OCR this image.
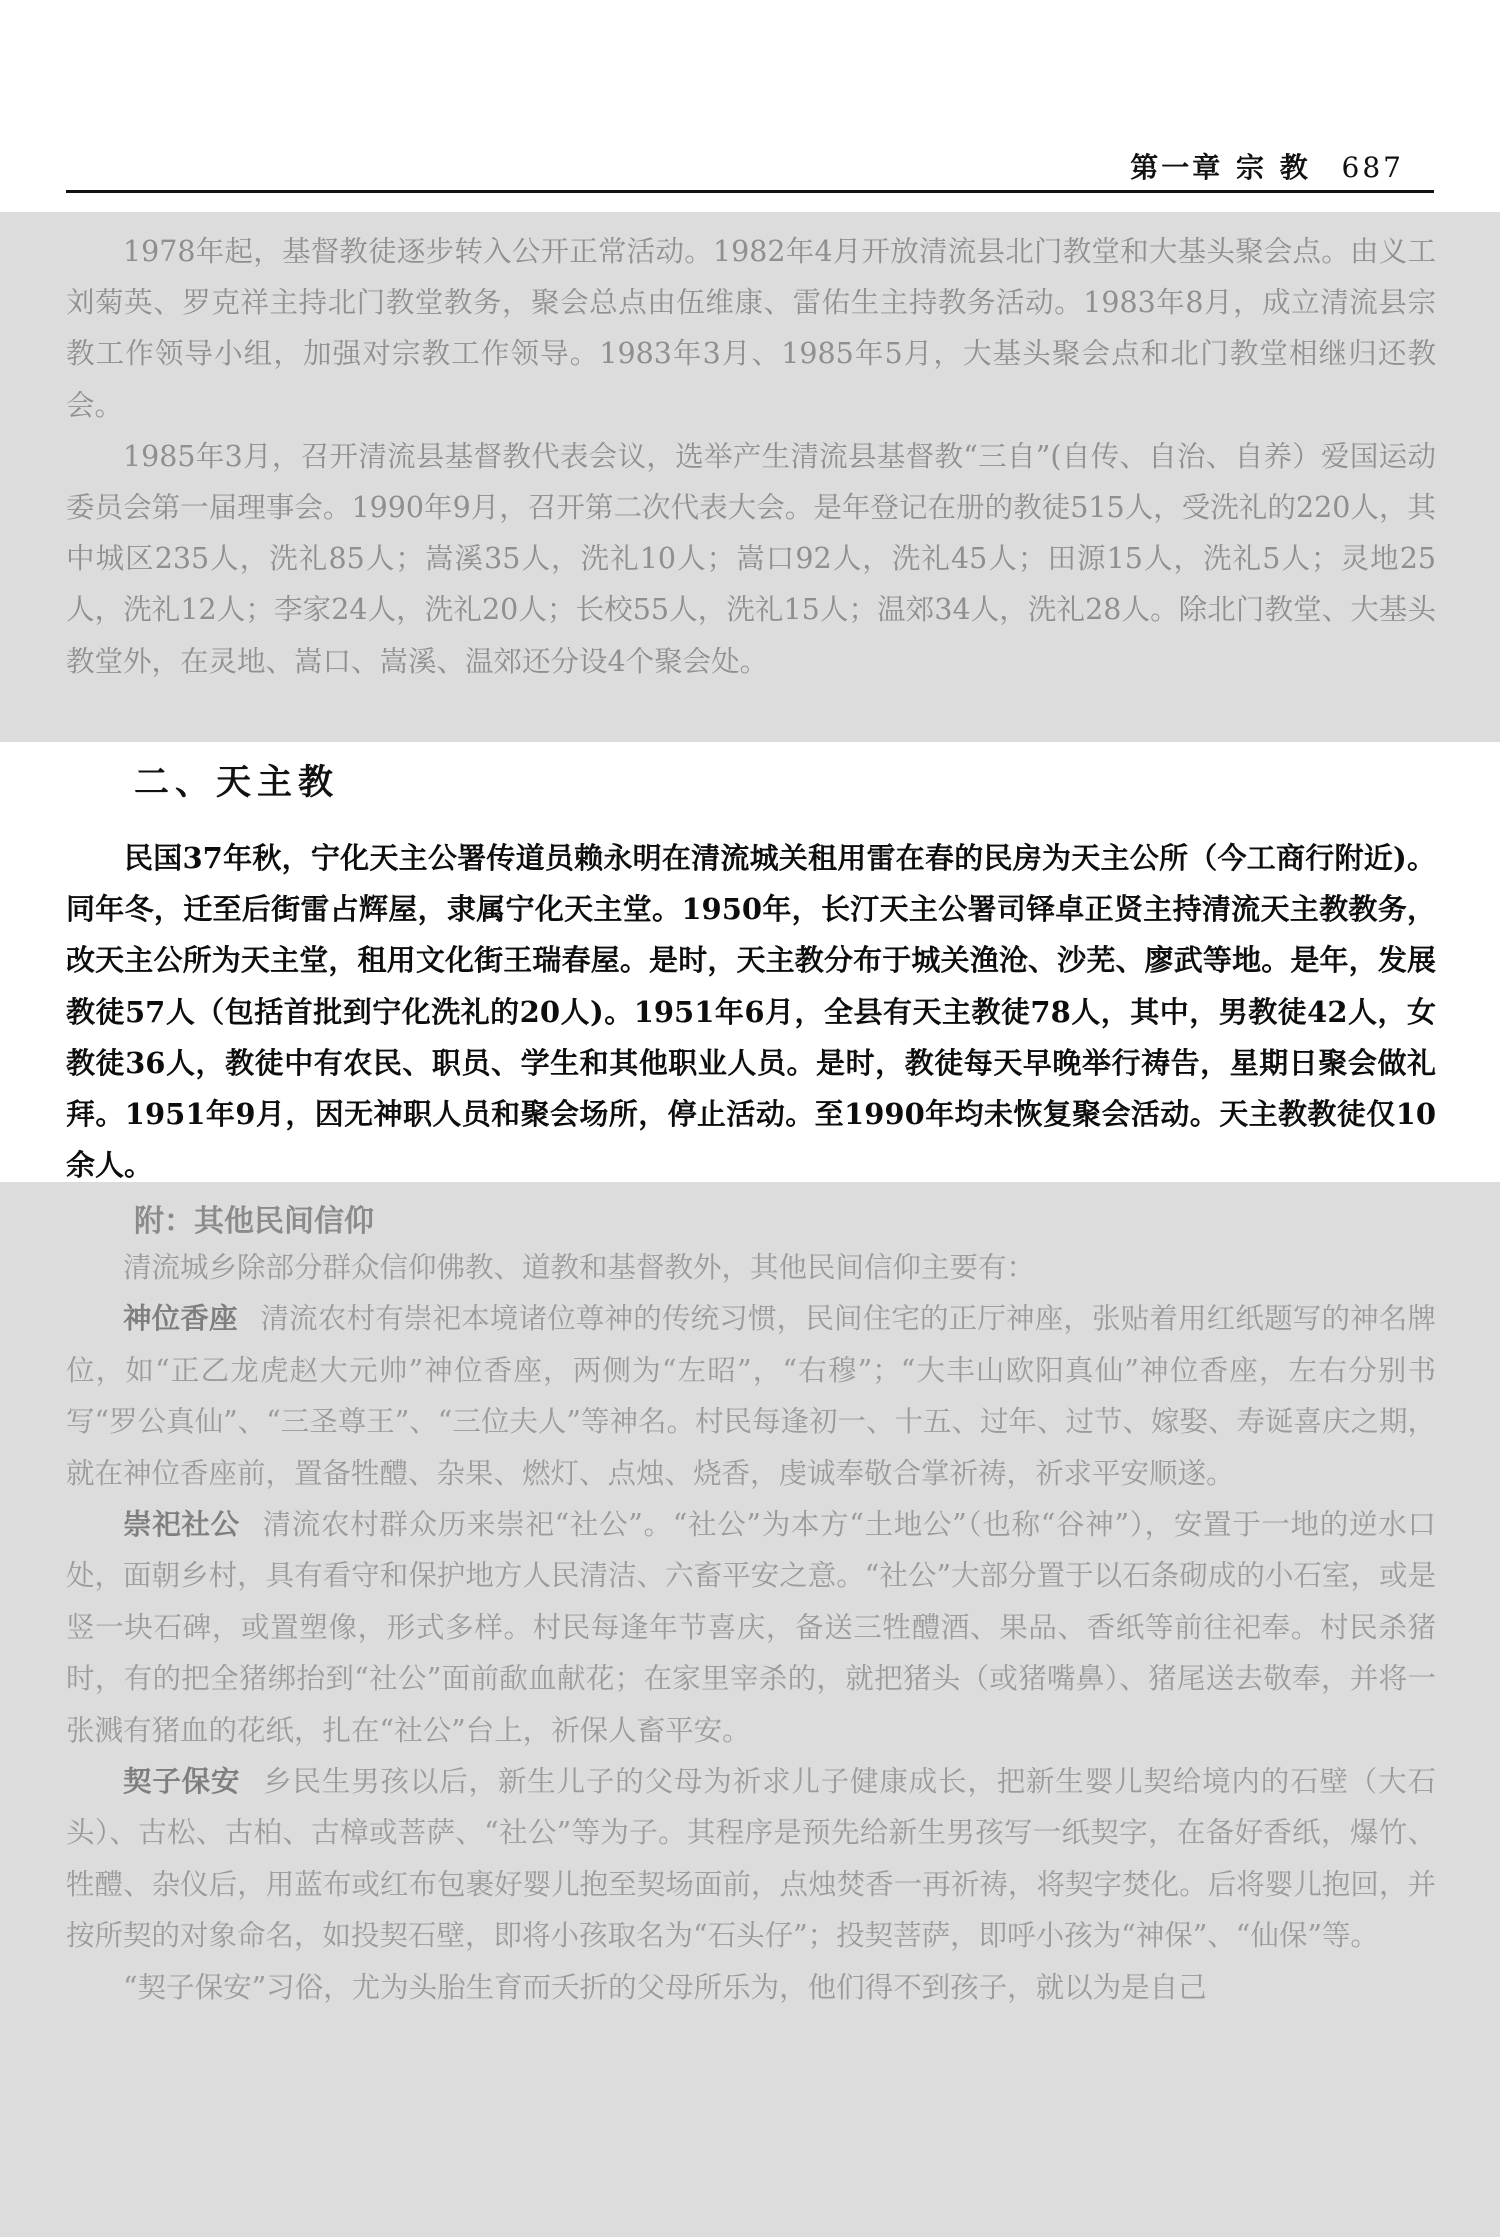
第一章 宗 教 687

1978年起，基督教徒逐步转入公开正常活动。1982年4月开放清流县北门教堂和大基头聚会点。由义工刘菊英、罗克祥主持北门教堂教务，聚会总点由伍维康、雷佑生主持教务活动。1983年8月，成立清流县宗教工作领导小组，加强对宗教工作领导。1983年3月、1985年5月，大基头聚会点和北门教堂相继归还教会。

1985年3月，召开清流县基督教代表会议，选举产生清流县基督教“三自”(自传、自治、自养）爱国运动委员会第一届理事会。1990年9月，召开第二次代表大会。是年登记在册的教徒515人，受洗礼的220人，其中城区235人，洗礼85人；嵩溪35人，洗礼10人；嵩口92人，洗礼45人；田源15人，洗礼5人；灵地25人，洗礼12人；李家24人，洗礼20人；长校55人，洗礼15人；温郊34人，洗礼28人。除北门教堂、大基头教堂外，在灵地、嵩口、嵩溪、温郊还分设4个聚会处。

二、天主教

民国37年秋，宁化天主公署传道员赖永明在清流城关租用雷在春的民房为天主公所（今工商行附近)。同年冬，迁至后街雷占辉屋，隶属宁化天主堂。1950年，长汀天主公署司铎卓正贤主持清流天主教教务，改天主公所为天主堂，租用文化街王瑞春屋。是时，天主教分布于城关渔沧、沙芜、廖武等地。是年，发展教徒57人（包括首批到宁化洗礼的20人)。1951年6月，全县有天主教徒78人，其中，男教徒42人，女教徒36人，教徒中有农民、职员、学生和其他职业人员。是时，教徒每天早晚举行祷告，星期日聚会做礼拜。1951年9月，因无神职人员和聚会场所，停止活动。至1990年均未恢复聚会活动。天主教教徒仅10余人。

附：其他民间信仰

清流城乡除部分群众信仰佛教、道教和基督教外，其他民间信仰主要有：

神位香座 清流农村有崇祀本境诸位尊神的传统习惯，民间住宅的正厅神座，张贴着用红纸题写的神名牌位，如“正乙龙虎赵大元帅”神位香座，两侧为“左昭”，“右穆”；“大丰山欧阳真仙”神位香座，左右分别书写“罗公真仙”、“三圣尊王”、“三位夫人”等神名。村民每逢初一、十五、过年、过节、嫁娶、寿诞喜庆之期，就在神位香座前，置备牲醴、杂果、燃灯、点烛、烧香，虔诚奉敬合掌祈祷，祈求平安顺遂。

崇祀社公 清流农村群众历来崇祀“社公”。“社公”为本方“土地公”（也称“谷神”），安置于一地的逆水口处，面朝乡村，具有看守和保护地方人民清洁、六畜平安之意。“社公”大部分置于以石条砌成的小石室，或是竖一块石碑，或置塑像，形式多样。村民每逢年节喜庆，备送三牲醴酒、果品、香纸等前往祀奉。村民杀猪时，有的把全猪绑抬到“社公”面前歃血献花；在家里宰杀的，就把猪头（或猪嘴鼻）、猪尾送去敬奉，并将一张溅有猪血的花纸，扎在“社公”台上，祈保人畜平安。

契子保安 乡民生男孩以后，新生儿子的父母为祈求儿子健康成长，把新生婴儿契给境内的石壁（大石头）、古松、古柏、古樟或菩萨、“社公”等为子。其程序是预先给新生男孩写一纸契字，在备好香纸，爆竹、牲醴、杂仪后，用蓝布或红布包裹好婴儿抱至契场面前，点烛焚香一再祈祷，将契字焚化。后将婴儿抱回，并按所契的对象命名，如投契石壁，即将小孩取名为“石头仔”；投契菩萨，即呼小孩为“神保”、“仙保”等。

“契子保安”习俗，尤为头胎生育而夭折的父母所乐为，他们得不到孩子，就以为是自己
